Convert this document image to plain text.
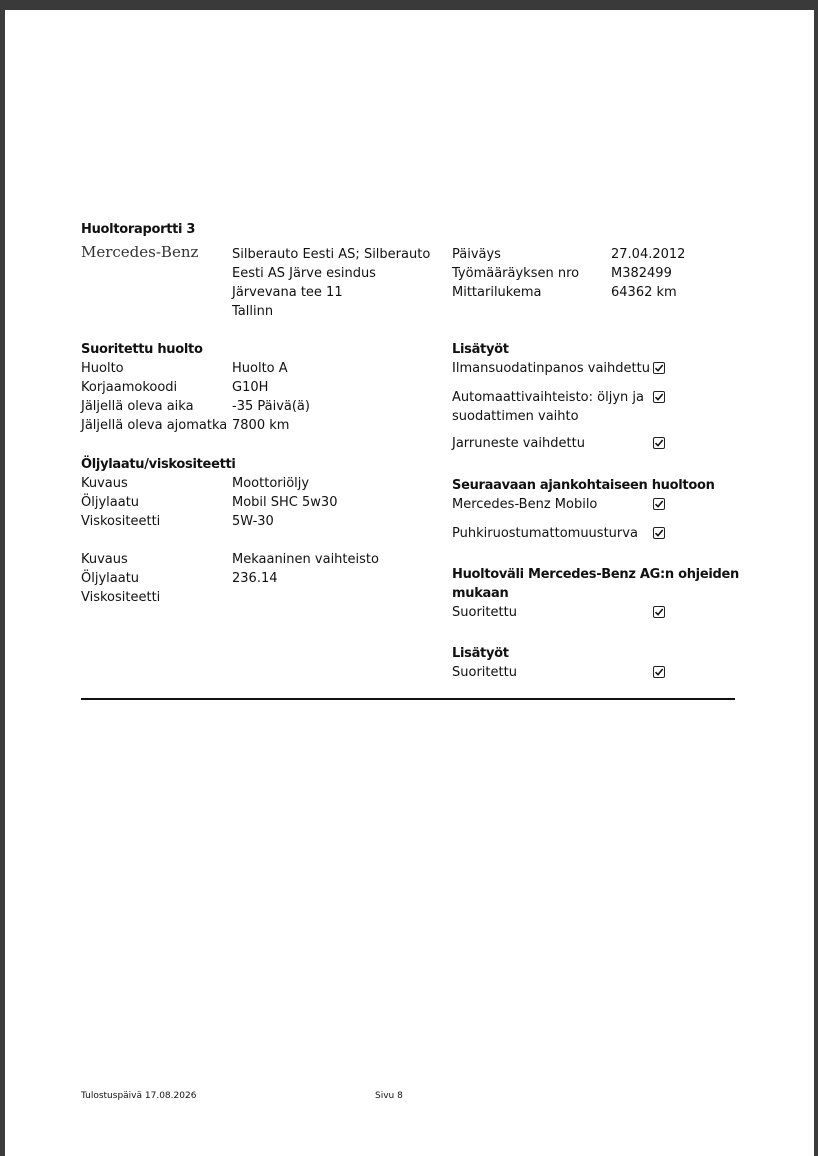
Huoltoraportti 3
Mercedes-Benz	Silberauto Eesti AS; Silberauto
Eesti AS Järve esindus
Järvevana tee 11
Tallinn
Päiväys	27.04.2012
Työmääräyksen nro M382499
Mittarilukema	64362 km
Suoritettu huolto
Huolto	Huolto A
Korjaamokoodi	G10H
Jäljellä oleva aika	-35 Päivä(ä)
Jäljellä oleva ajomatka 7800 km
Öljylaatu/viskositeetti
Kuvaus	Moottoriöljy
Öljylaatu	Mobil SHC 5w30
Viskositeetti	5W-30
Kuvaus	Mekaaninen vaihteisto
Öljylaatu	236.14
Viskositeetti
Lisätyöt
Ilmansuodatinpanos vaihdettu
Automaattivaihteisto: öljyn ja
suodattimen vaihto
Jarruneste vaihdettu
Seuraavaan ajankohtaiseen huoltoon
Mercedes-Benz Mobilo
Puhkiruostumattomuusturva
Huoltoväli Mercedes-Benz AG:n ohjeiden
mukaan
Suoritettu
Lisätyöt
Suoritettu
Tulostuspäivä 17.08.2026	Sivu 8
